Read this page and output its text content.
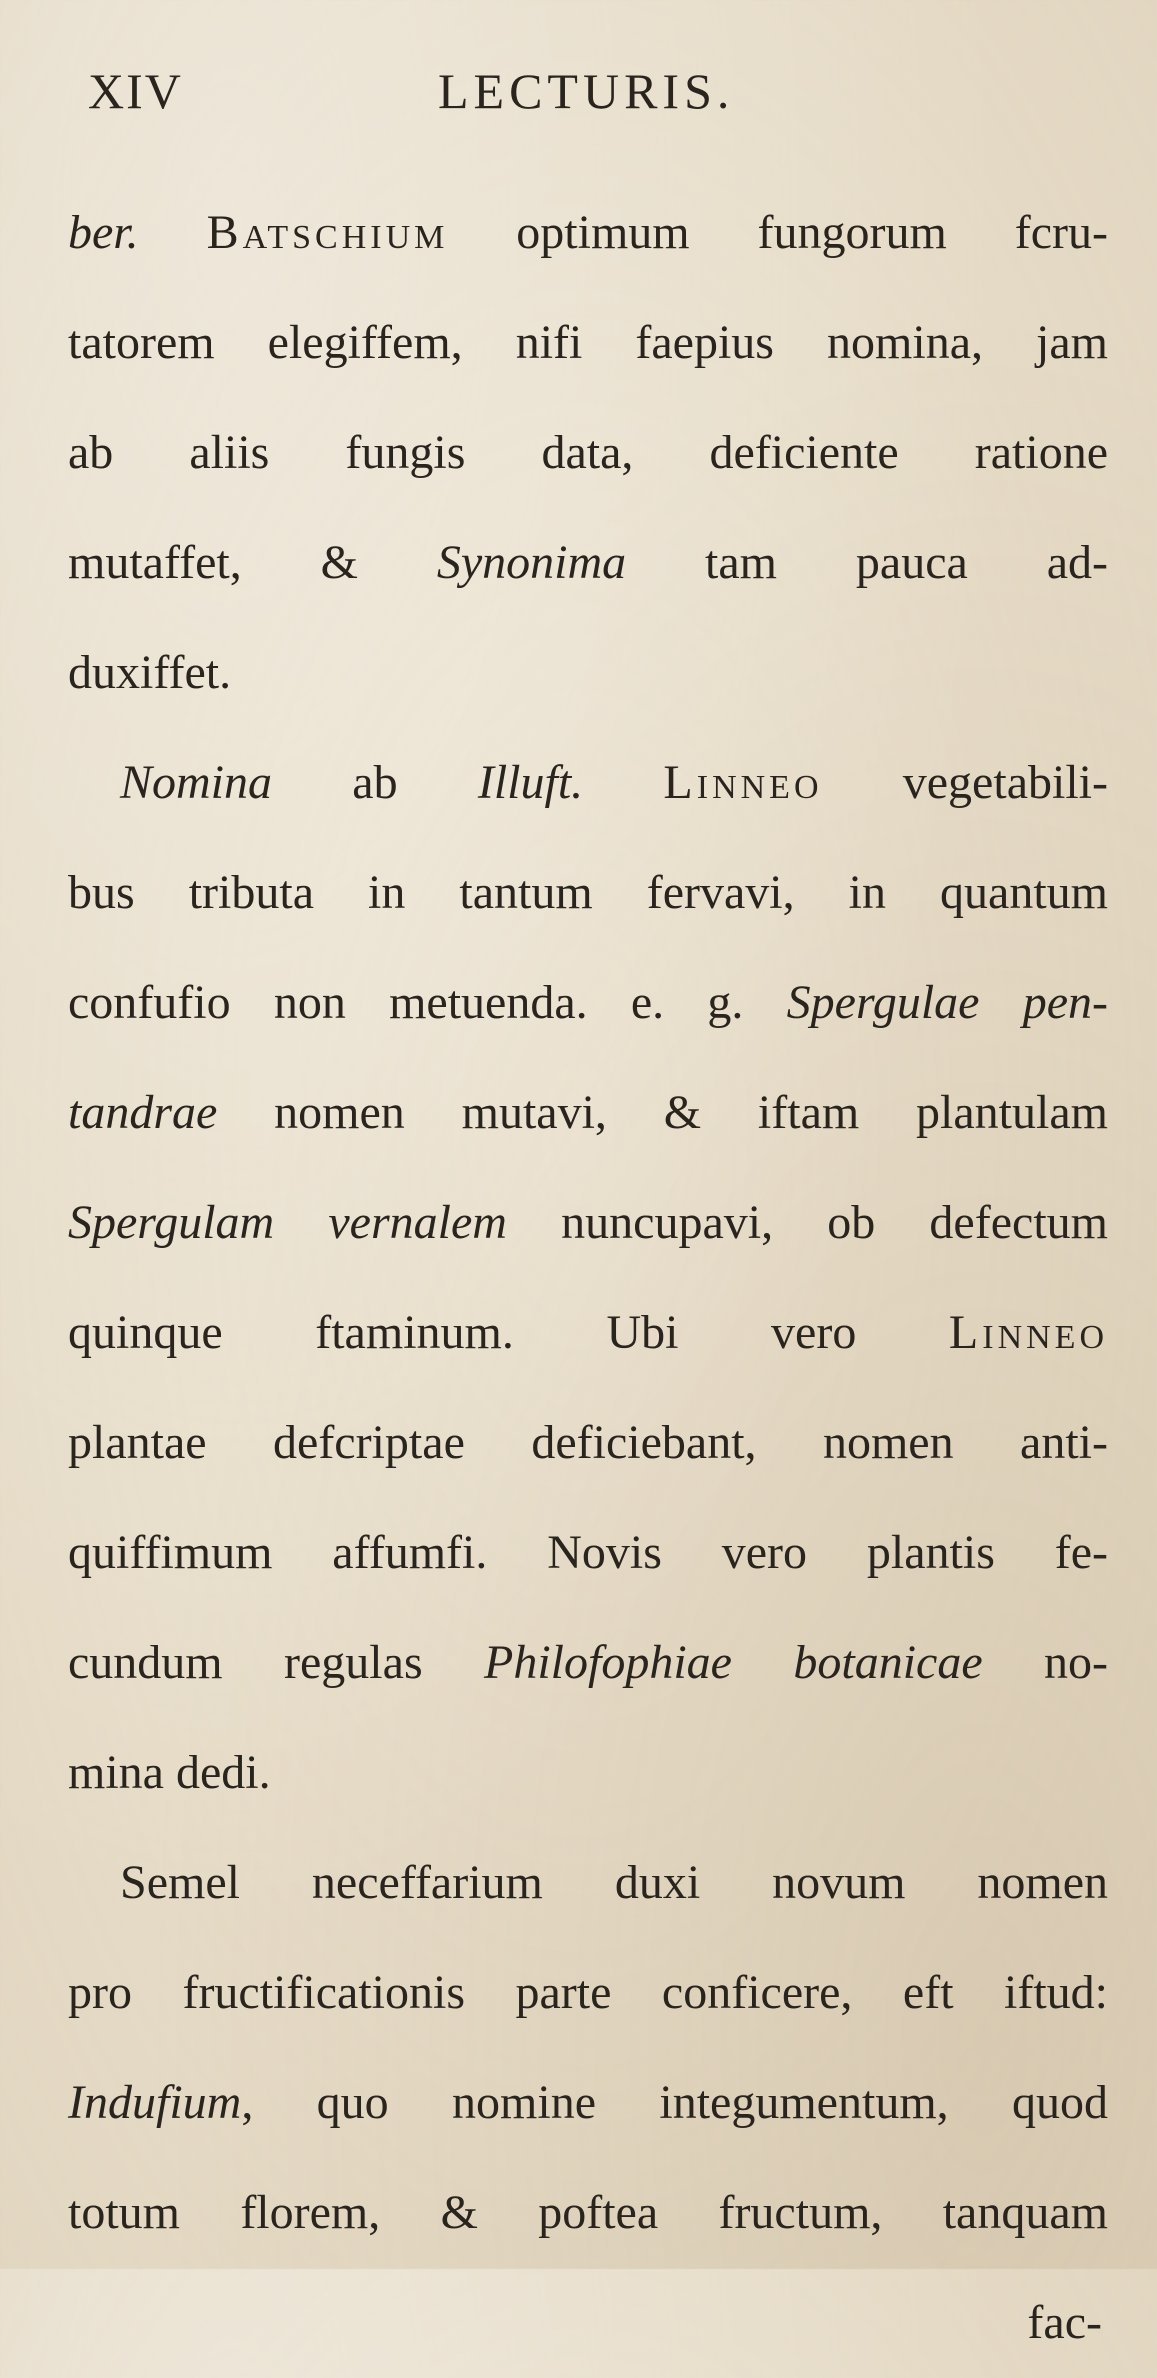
XIV	LECTURIS.
ber. Batschium optimum fungorum fcru-
tatorem elegiffem, nifi faepius nomina, jam
ab aliis fungis data, deficiente ratione
mutaffet, & Synonima tam pauca ad-
duxiffet.
Nomina ab Illuft. Linneo vegetabili-
bus tributa in tantum fervavi, in quantum
confufio non metuenda. e. g. Spergulae pen-
tandrae nomen mutavi, & iftam plantulam
Spergulam vernalem nuncupavi, ob defectum
quinque ftaminum. Ubi vero Linneo
plantae defcriptae deficiebant, nomen anti-
quiffimum affumfi. Novis vero plantis fe-
cundum regulas Philofophiae botanicae no-
mina dedi.
Semel neceffarium duxi novum nomen
pro fructificationis parte conficere, eft iftud:
Indufium, quo nomine integumentum, quod
totum florem, & poftea fructum, tanquam
fac-
